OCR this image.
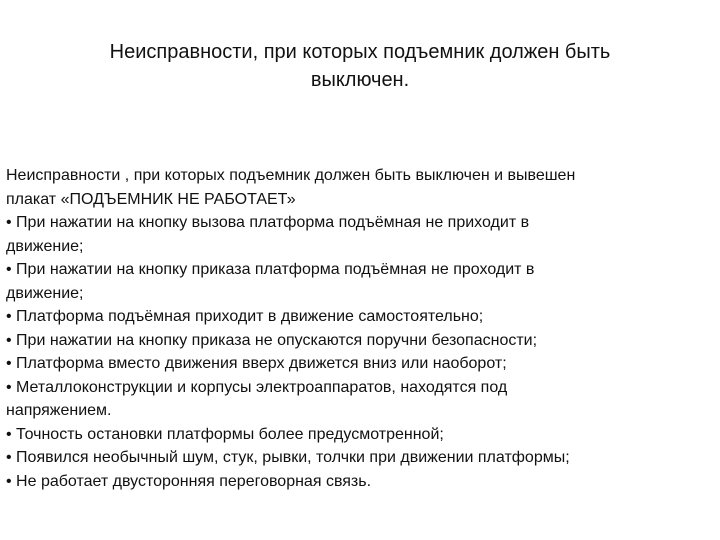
Неисправности, при которых подъемник должен быть
выключен.

Неисправности , при которых подъемник должен быть выключен и вывешен

плакат «ПОДЪЕМНИК НЕ РАБОТАЕТ»

• При нажатии на кнопку вызова платформа подъёмная не приходит в

движение;

• При нажатии на кнопку приказа платформа подъёмная не проходит в

движение;

• Платформа подъёмная приходит в движение самостоятельно;

• При нажатии на кнопку приказа не опускаются поручни безопасности;

• Платформа вместо движения вверх движется вниз или наоборот;

• Металлоконструкции и корпусы электроаппаратов, находятся под

напряжением.

• Точность остановки платформы более предусмотренной;

• Появился необычный шум, стук, рывки, толчки при движении платформы;

• Не работает двусторонняя переговорная связь.
